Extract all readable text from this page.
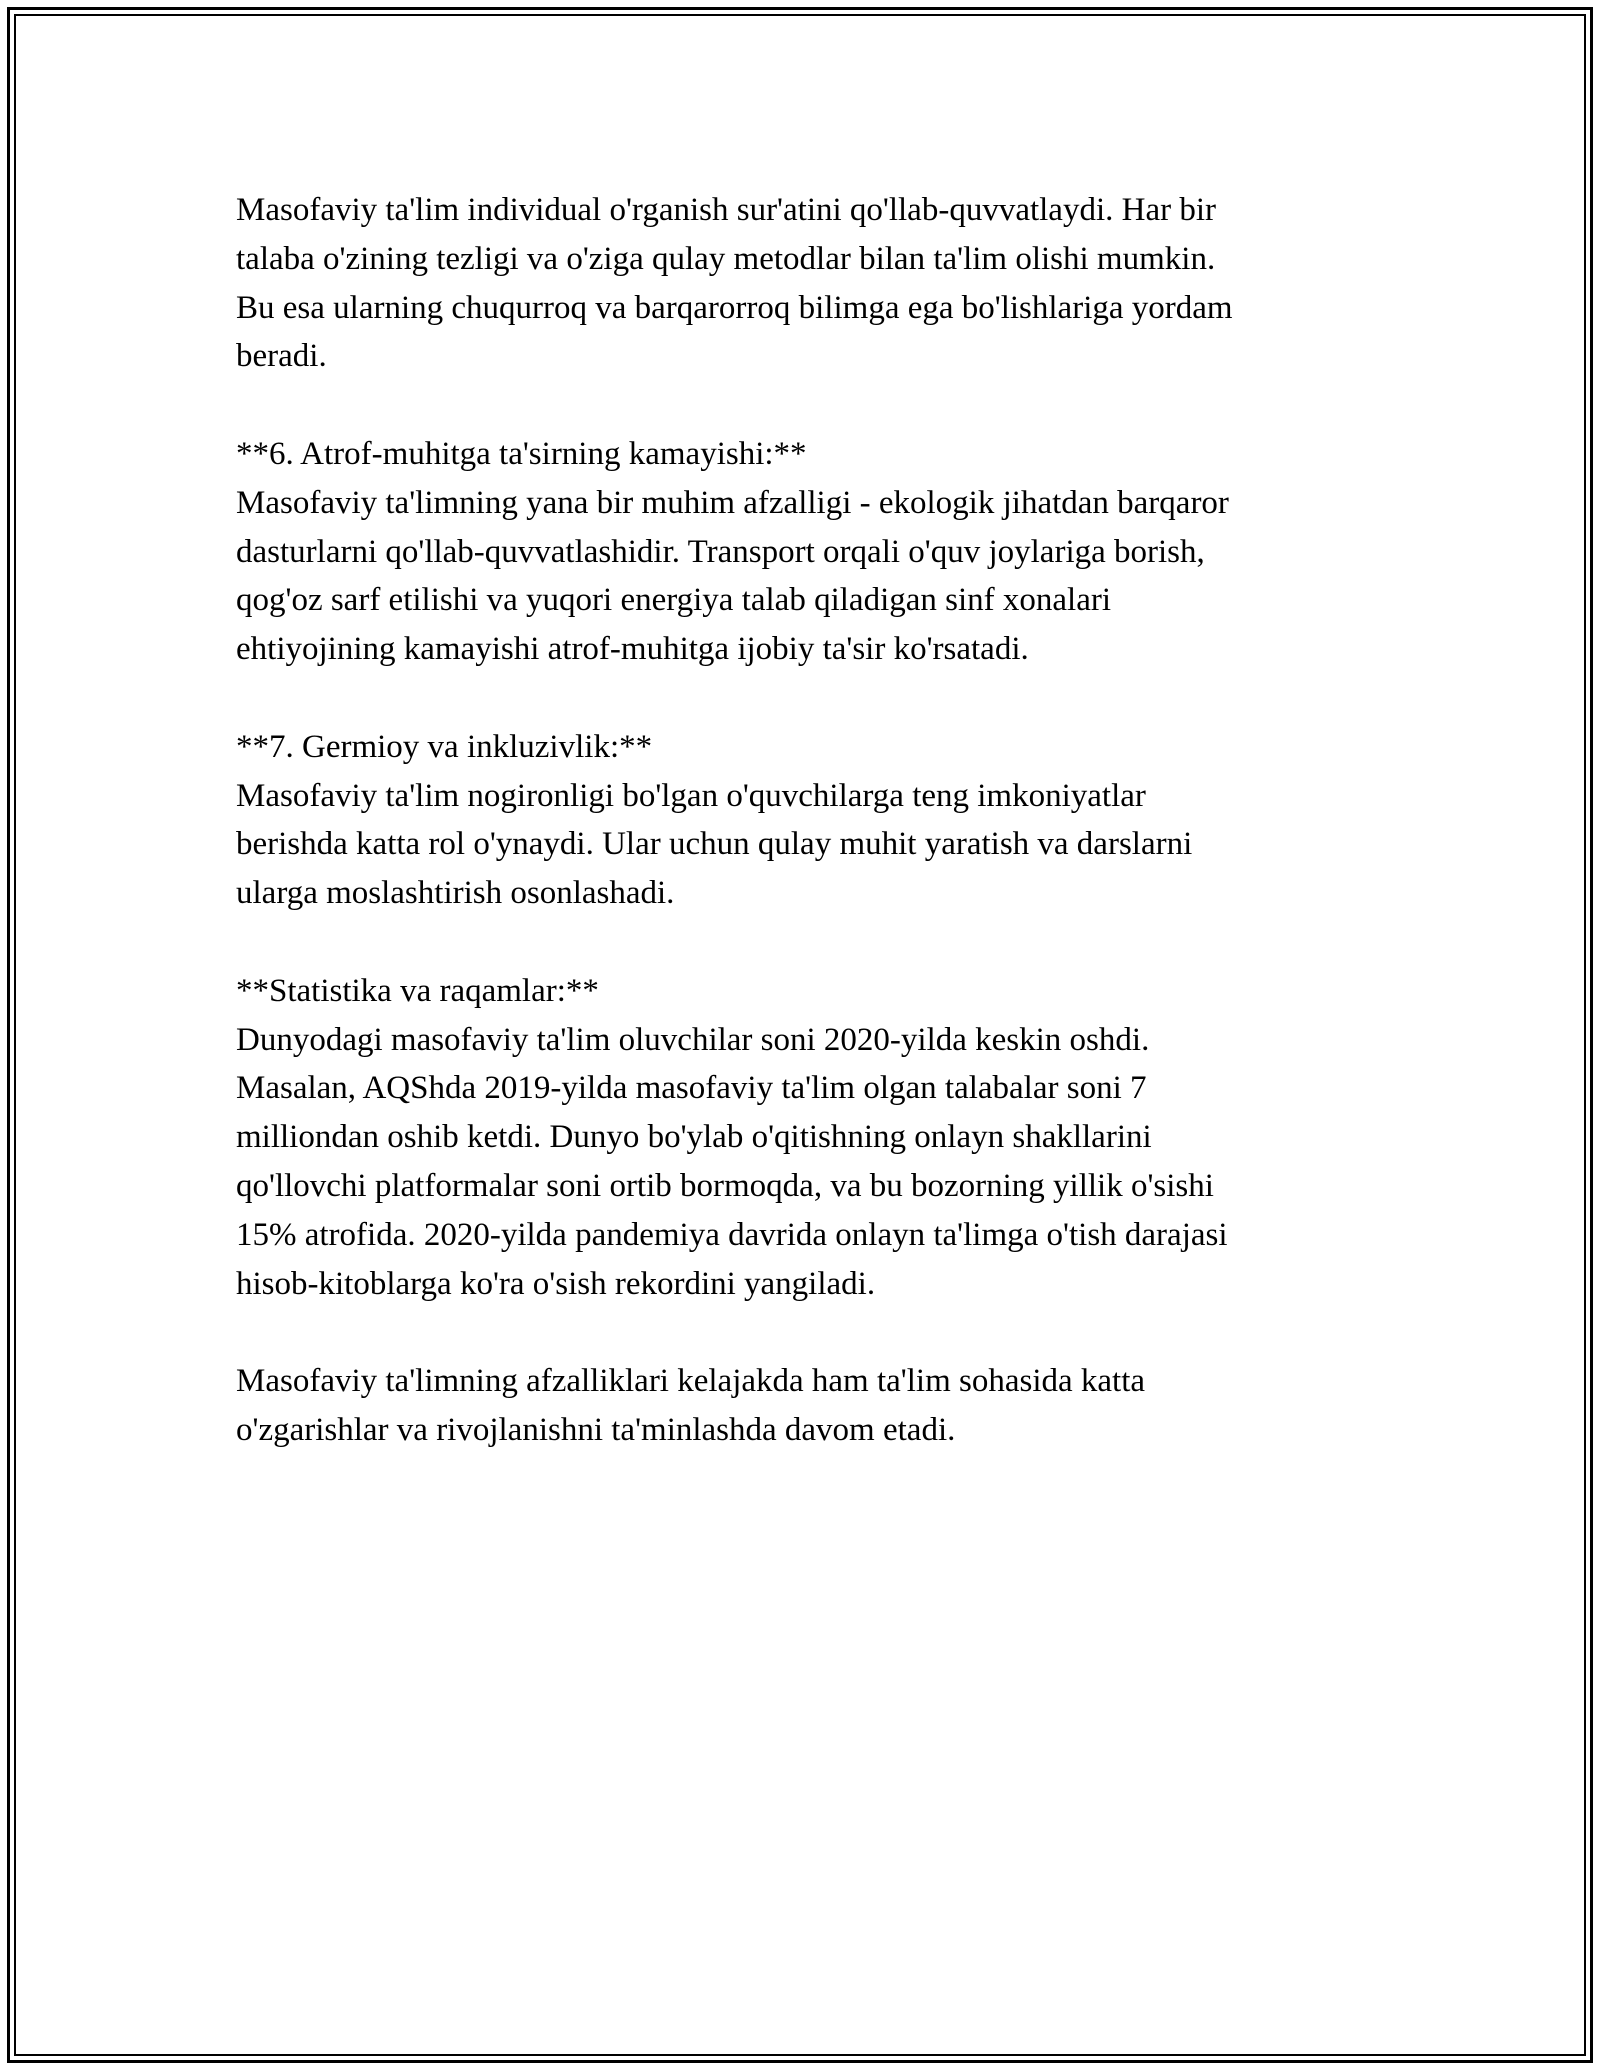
Masofaviy ta'lim individual o'rganish sur'atini qo'llab-quvvatlaydi. Har bir
talaba o'zining tezligi va o'ziga qulay metodlar bilan ta'lim olishi mumkin.
Bu esa ularning chuqurroq va barqarorroq bilimga ega bo'lishlariga yordam
beradi.
**6. Atrof-muhitga ta'sirning kamayishi:**
Masofaviy ta'limning yana bir muhim afzalligi - ekologik jihatdan barqaror
dasturlarni qo'llab-quvvatlashidir. Transport orqali o'quv joylariga borish,
qog'oz sarf etilishi va yuqori energiya talab qiladigan sinf xonalari
ehtiyojining kamayishi atrof-muhitga ijobiy ta'sir ko'rsatadi.
**7. Germioy va inkluzivlik:**
Masofaviy ta'lim nogironligi bo'lgan o'quvchilarga teng imkoniyatlar
berishda katta rol o'ynaydi. Ular uchun qulay muhit yaratish va darslarni
ularga moslashtirish osonlashadi.
**Statistika va raqamlar:**
Dunyodagi masofaviy ta'lim oluvchilar soni 2020-yilda keskin oshdi.
Masalan, AQShda 2019-yilda masofaviy ta'lim olgan talabalar soni 7
milliondan oshib ketdi. Dunyo bo'ylab o'qitishning onlayn shakllarini
qo'llovchi platformalar soni ortib bormoqda, va bu bozorning yillik o'sishi
15% atrofida. 2020-yilda pandemiya davrida onlayn ta'limga o'tish darajasi
hisob-kitoblarga ko'ra o'sish rekordini yangiladi.
Masofaviy ta'limning afzalliklari kelajakda ham ta'lim sohasida katta
o'zgarishlar va rivojlanishni ta'minlashda davom etadi.
